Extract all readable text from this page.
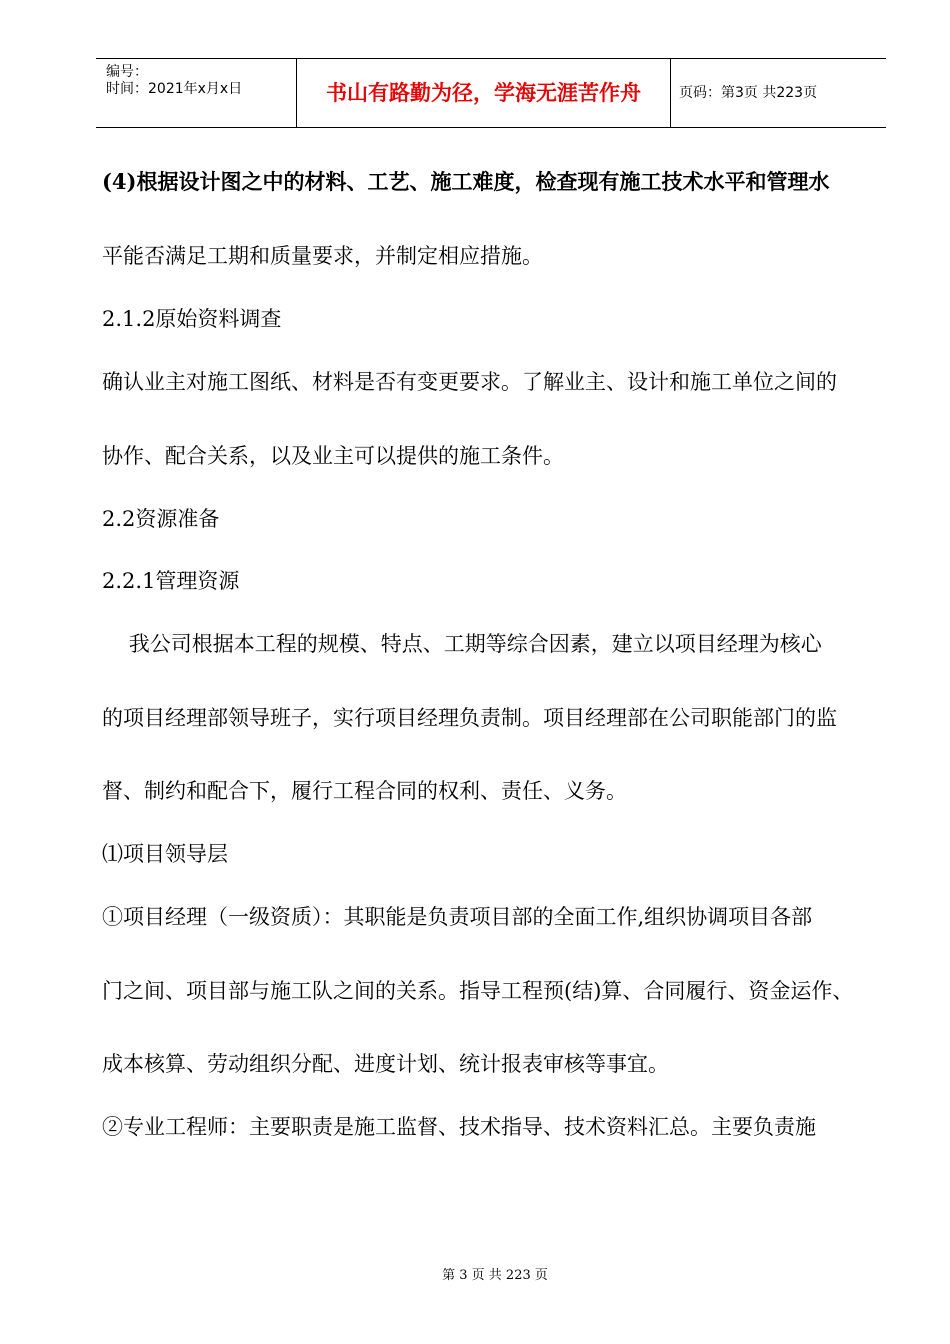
编号：
时间：2021年x月x日	书山有路勤为径，学海无涯苦作舟	页码：第3页 共223页
(4)根据设计图之中的材料、工艺、施工难度，检查现有施工技术水平和管理水
平能否满足工期和质量要求，并制定相应措施。
2.1.2原始资料调查
确认业主对施工图纸、材料是否有变更要求。了解业主、设计和施工单位之间的
协作、配合关系，以及业主可以提供的施工条件。
2.2资源准备
2.2.1管理资源
我公司根据本工程的规模、特点、工期等综合因素，建立以项目经理为核心
的项目经理部领导班子，实行项目经理负责制。项目经理部在公司职能部门的监
督、制约和配合下，履行工程合同的权利、责任、义务。
⑴项目领导层
①项目经理（一级资质）：其职能是负责项目部的全面工作,组织协调项目各部
门之间、项目部与施工队之间的关系。指导工程预(结)算、合同履行、资金运作、
成本核算、劳动组织分配、进度计划、统计报表审核等事宜。
②专业工程师：主要职责是施工监督、技术指导、技术资料汇总。主要负责施
第 3 页 共 223 页
